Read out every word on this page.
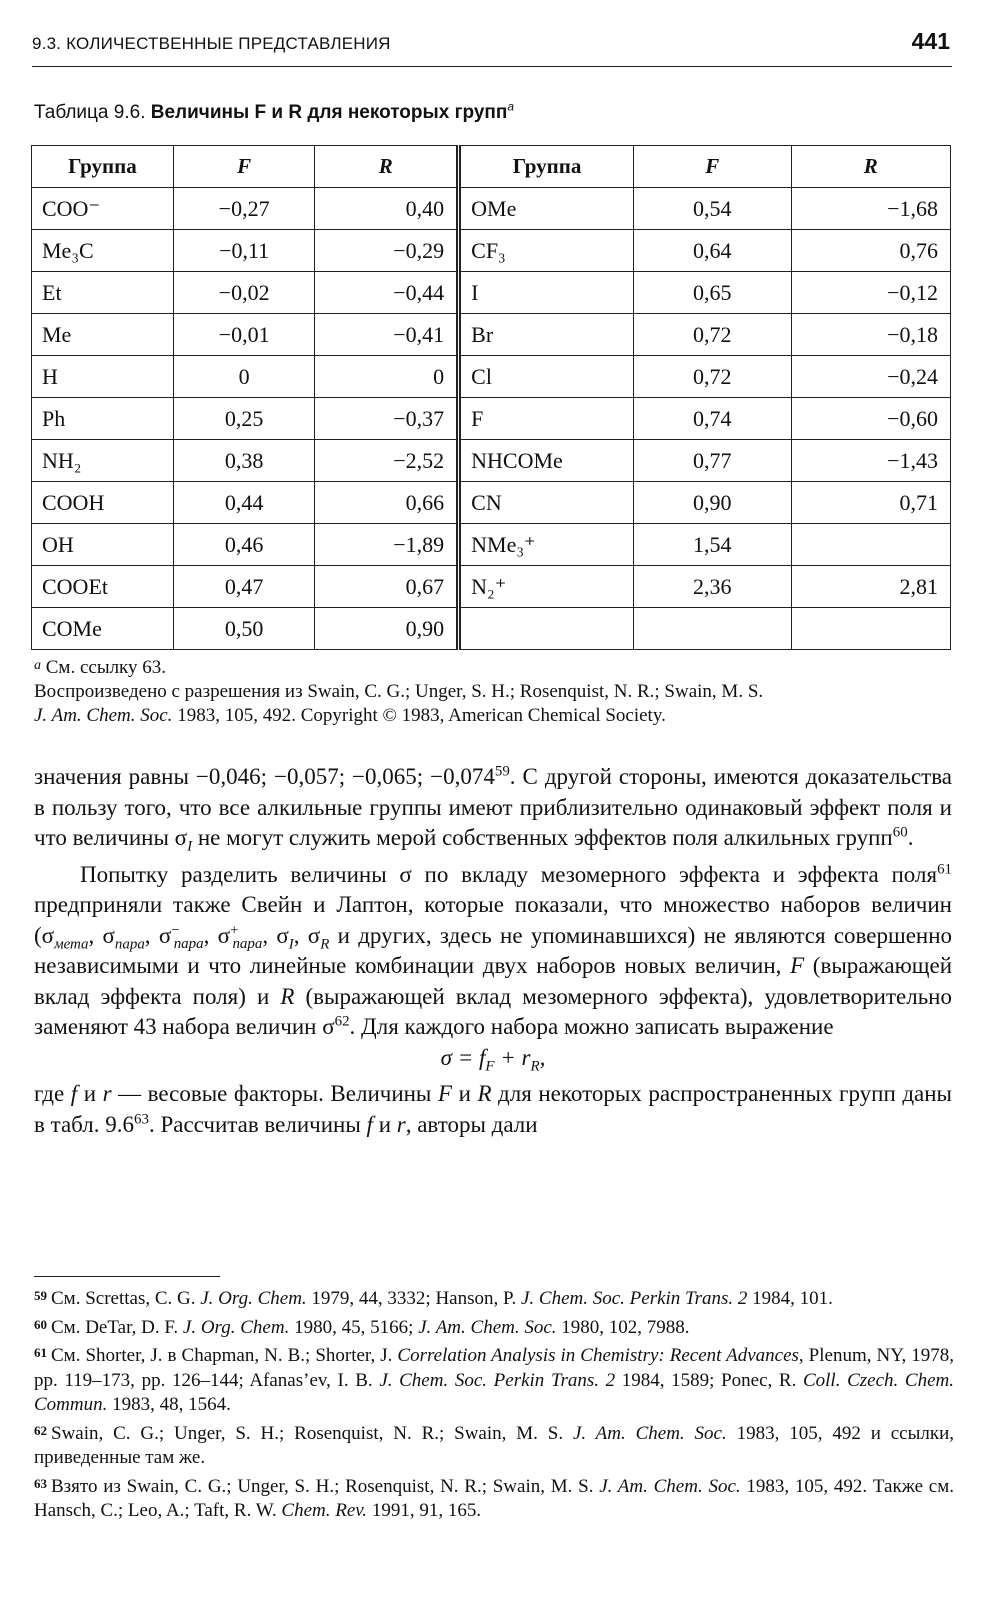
9.3. КОЛИЧЕСТВЕННЫЕ ПРЕДСТАВЛЕНИЯ	441
Таблица 9.6. Величины F и R для некоторых групп$^a$
Группа	F	R	Группа	F	R
COO⁻	−0,27	0,40	OMe	0,54	−1,68
Me₃C	−0,11	−0,29	CF₃	0,64	0,76
Et	−0,02	−0,44	I	0,65	−0,12
Me	−0,01	−0,41	Br	0,72	−0,18
H	0	0	Cl	0,72	−0,24
Ph	0,25	−0,37	F	0,74	−0,60
NH₂	0,38	−2,52	NHCOMe	0,77	−1,43
COOH	0,44	0,66	CN	0,90	0,71
OH	0,46	−1,89	NMe₃⁺	1,54	
COOEt	0,47	0,67	N₂⁺	2,36	2,81
COMe	0,50	0,90			

$^a$ См. ссылку 63.

Воспроизведено с разрешения из Swain, C. G.; Unger, S. H.; Rosenquist, N. R.; Swain, M. S.

J. Am. Chem. Soc. 1983, 105, 492. Copyright © 1983, American Chemical Society.

значения равны −0,046; −0,057; −0,065; $-0,074^{59}$. С другой стороны, имеются доказательства в пользу того, что все алкильные группы имеют приблизительно одинаковый эффект поля и что величины $\sigma_I$ не могут служить мерой собственных эффектов поля алкильных групп$^{60}$.

Попытку разделить величины σ по вкладу мезомерного эффекта и эффекта поля$^{61}$ предприняли также Свейн и Лаптон, которые показали, что множество наборов величин ($\sigma_{мета}$, $\sigma_{пара}$, $\sigma^-_{пара}$, $\sigma^+_{пара}$, $\sigma_I$, $\sigma_R$ и других, здесь не упоминавшихся) не являются совершенно независимыми и что линейные комбинации двух наборов новых величин, F (выражающей вклад эффекта поля) и R (выражающей вклад мезомерного эффекта), удовлетворительно заменяют 43 набора величин $\sigma^{62}$. Для каждого набора можно записать выражение

$\sigma = f_F + r_R$,

где f и r — весовые факторы. Величины F и R для некоторых распространенных групп даны в табл. $9.6^{63}$. Рассчитав величины f и r, авторы дали

$^{59}$ См. Screttas, C. G. J. Org. Chem. 1979, 44, 3332; Hanson, P. J. Chem. Soc. Perkin Trans. 2 1984, 101.

$^{60}$ См. DeTar, D. F. J. Org. Chem. 1980, 45, 5166; J. Am. Chem. Soc. 1980, 102, 7988.

$^{61}$ См. Shorter, J. в Chapman, N. B.; Shorter, J. Correlation Analysis in Chemistry: Recent Advances, Plenum, NY, 1978, pp. 119–173, pp. 126–144; Afanas’ev, I. B. J. Chem. Soc. Perkin Trans. 2 1984, 1589; Ponec, R. Coll. Czech. Chem. Commun. 1983, 48, 1564.

$^{62}$ Swain, C. G.; Unger, S. H.; Rosenquist, N. R.; Swain, M. S. J. Am. Chem. Soc. 1983, 105, 492 и ссылки, приведенные там же.

$^{63}$ Взято из Swain, C. G.; Unger, S. H.; Rosenquist, N. R.; Swain, M. S. J. Am. Chem. Soc. 1983, 105, 492. Также см. Hansch, C.; Leo, A.; Taft, R. W. Chem. Rev. 1991, 91, 165.
